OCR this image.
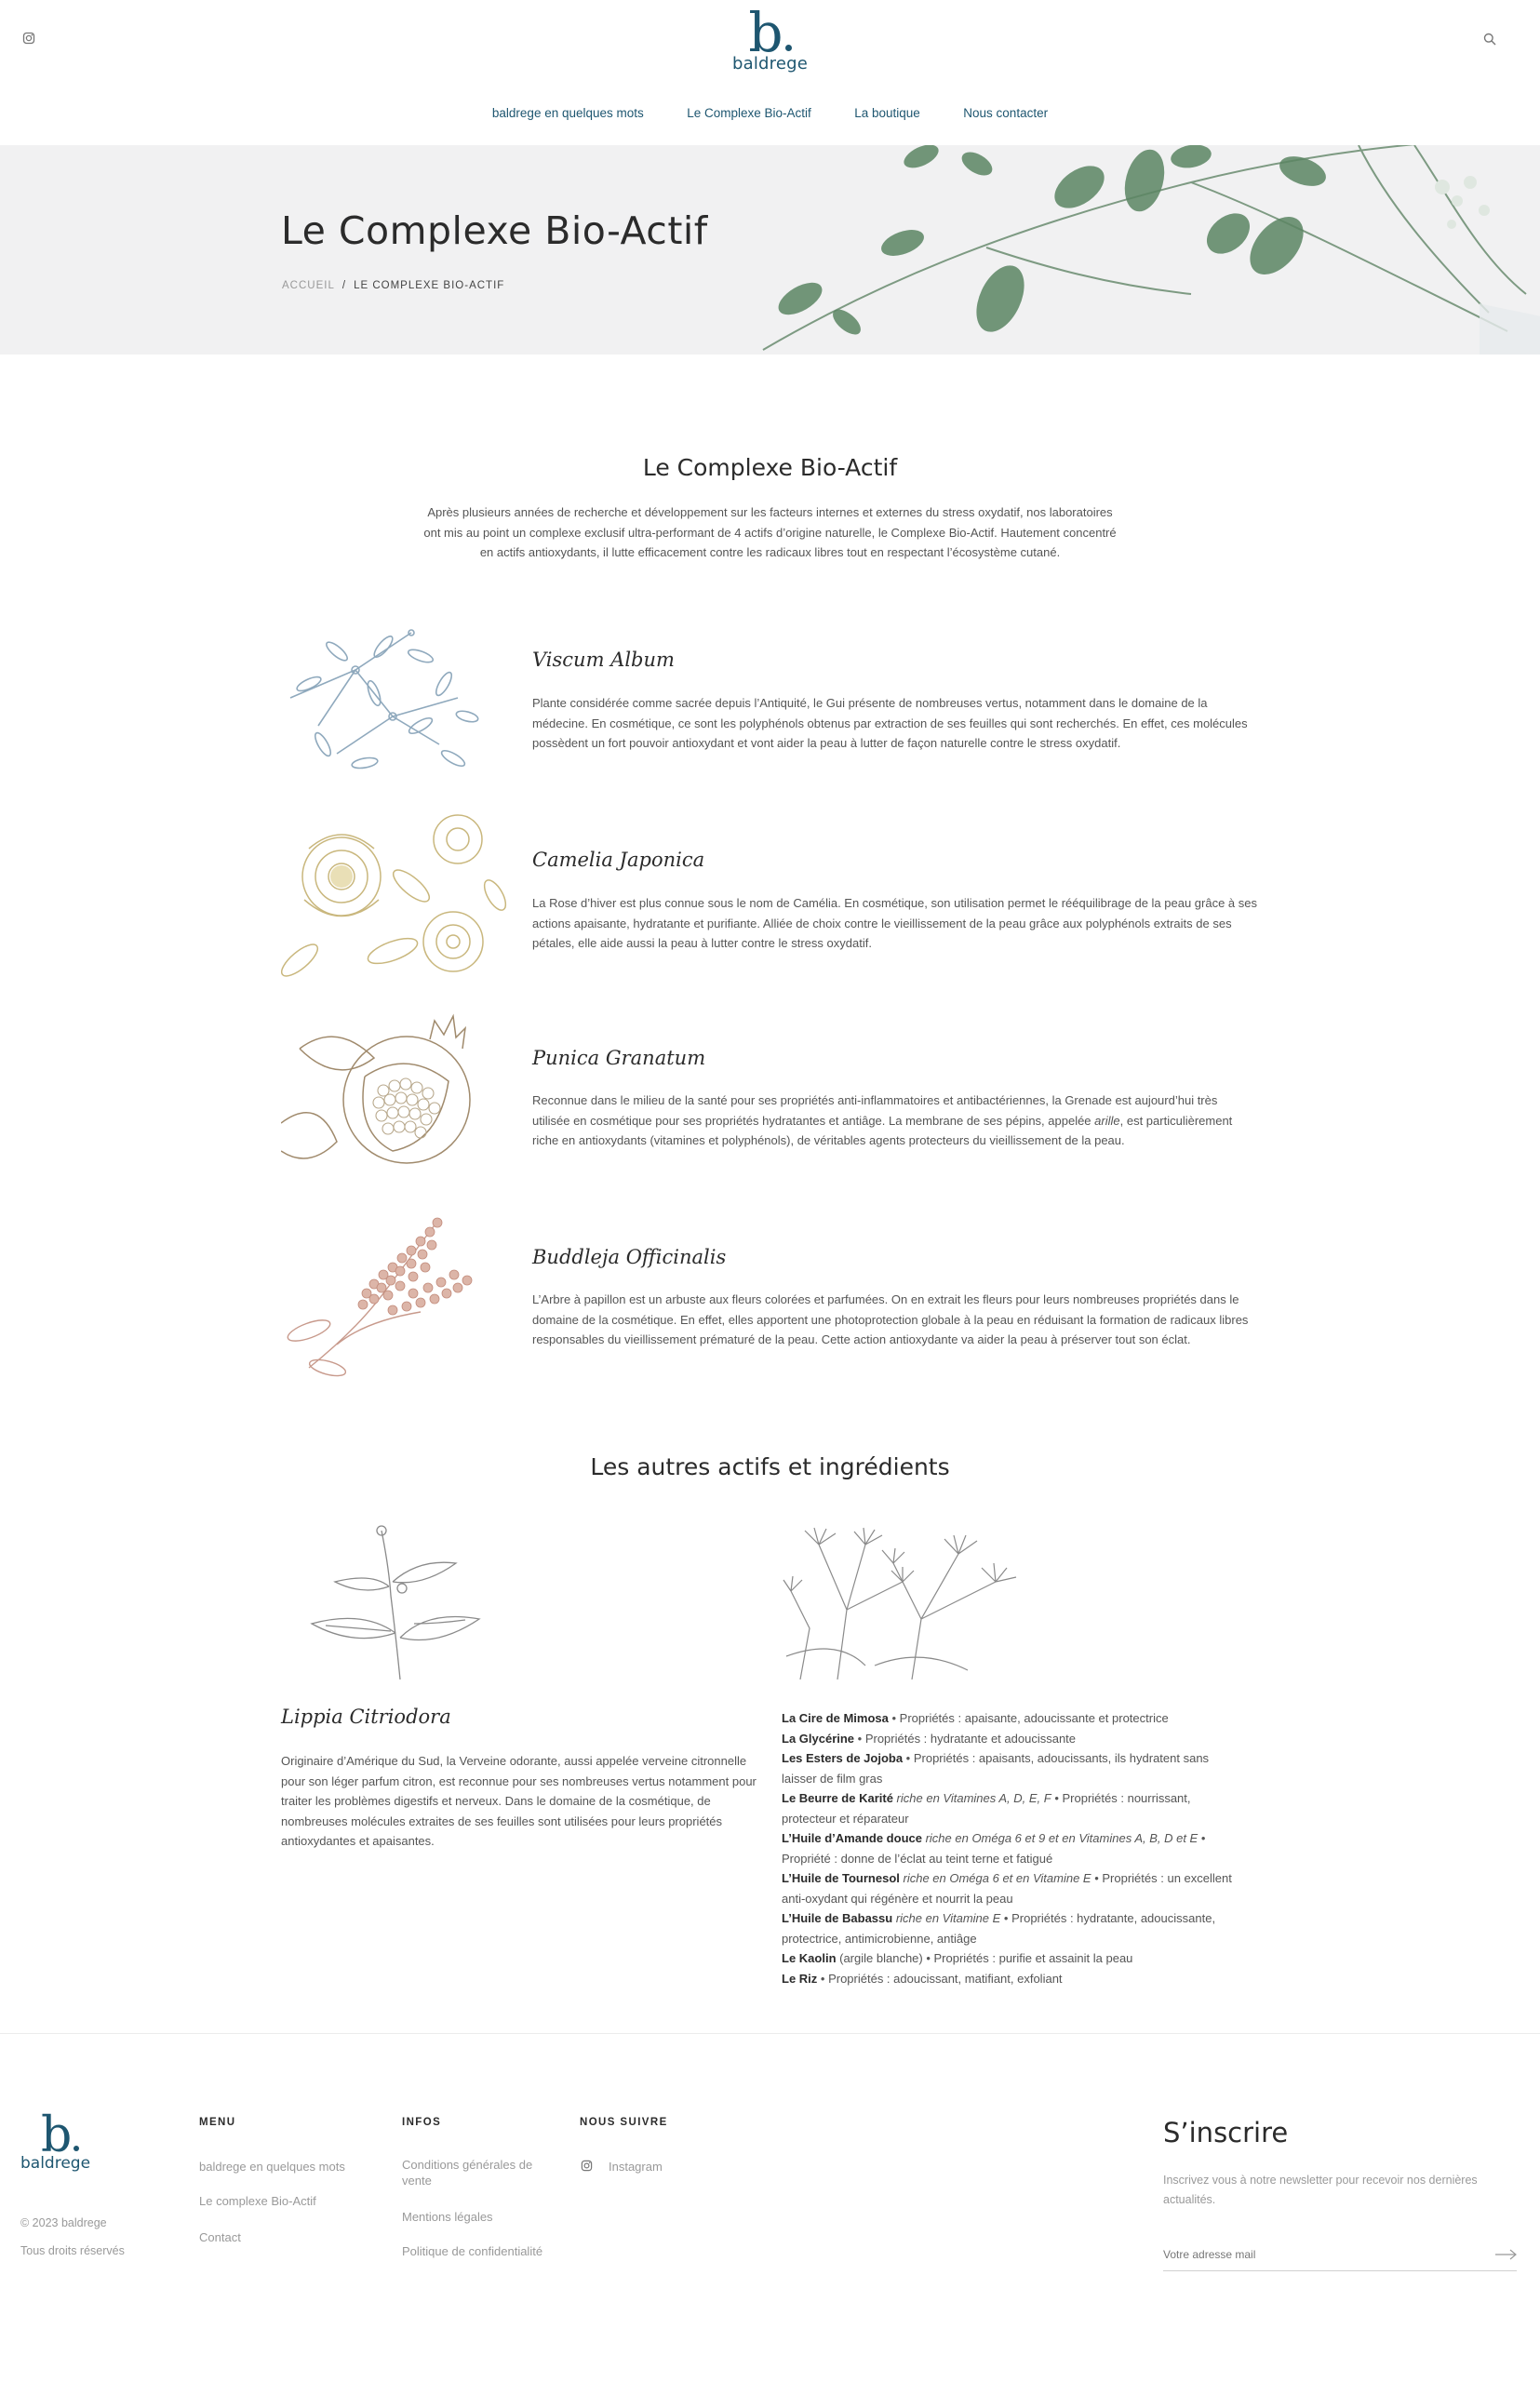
b
baldrege
baldrege en quelques mots	Le Complexe Bio-Actif	La boutique	Nous contacter
Le Complexe Bio-Actif
ACCUEIL / LE COMPLEXE BIO-ACTIF
Le Complexe Bio-Actif

Après plusieurs années de recherche et développement sur les facteurs internes et externes du stress oxydatif, nos laboratoires ont mis au point un complexe exclusif ultra-performant de 4 actifs d’origine naturelle, le Complexe Bio-Actif. Hautement concentré en actifs antioxydants, il lutte efficacement contre les radicaux libres tout en respectant l’écosystème cutané.

Viscum Album

Plante considérée comme sacrée depuis l’Antiquité, le Gui présente de nombreuses vertus, notamment dans le domaine de la médecine. En cosmétique, ce sont les polyphénols obtenus par extraction de ses feuilles qui sont recherchés. En effet, ces molécules possèdent un fort pouvoir antioxydant et vont aider la peau à lutter de façon naturelle contre le stress oxydatif.

Camelia Japonica

La Rose d’hiver est plus connue sous le nom de Camélia. En cosmétique, son utilisation permet le rééquilibrage de la peau grâce à ses actions apaisante, hydratante et purifiante. Alliée de choix contre le vieillissement de la peau grâce aux polyphénols extraits de ses pétales, elle aide aussi la peau à lutter contre le stress oxydatif.

Punica Granatum

Reconnue dans le milieu de la santé pour ses propriétés anti-inflammatoires et antibactériennes, la Grenade est aujourd’hui très utilisée en cosmétique pour ses propriétés hydratantes et antiâge. La membrane de ses pépins, appelée arille, est particulièrement riche en antioxydants (vitamines et polyphénols), de véritables agents protecteurs du vieillissement de la peau.

Buddleja Officinalis

L’Arbre à papillon est un arbuste aux fleurs colorées et parfumées. On en extrait les fleurs pour leurs nombreuses propriétés dans le domaine de la cosmétique. En effet, elles apportent une photoprotection globale à la peau en réduisant la formation de radicaux libres responsables du vieillissement prématuré de la peau. Cette action antioxydante va aider la peau à préserver tout son éclat.

Les autres actifs et ingrédients
Lippia Citriodora

Originaire d’Amérique du Sud, la Verveine odorante, aussi appelée verveine citronnelle pour son léger parfum citron, est reconnue pour ses nombreuses vertus notamment pour traiter les problèmes digestifs et nerveux. Dans le domaine de la cosmétique, de nombreuses molécules extraites de ses feuilles sont utilisées pour leurs propriétés antioxydantes et apaisantes.

La Cire de Mimosa • Propriétés : apaisante, adoucissante et protectrice
La Glycérine • Propriétés : hydratante et adoucissante
Les Esters de Jojoba • Propriétés : apaisants, adoucissants, ils hydratent sans laisser de film gras
Le Beurre de Karité riche en Vitamines A, D, E, F • Propriétés : nourrissant, protecteur et réparateur
L’Huile d’Amande douce riche en Oméga 6 et 9 et en Vitamines A, B, D et E • Propriété : donne de l’éclat au teint terne et fatigué
L’Huile de Tournesol riche en Oméga 6 et en Vitamine E • Propriétés : un excellent anti-oxydant qui régénère et nourrit la peau
L’Huile de Babassu riche en Vitamine E • Propriétés : hydratante, adoucissante, protectrice, antimicrobienne, antiâge
Le Kaolin (argile blanche) • Propriétés : purifie et assainit la peau
Le Riz • Propriétés : adoucissant, matifiant, exfoliant
b
baldrege
© 2023 baldrege
Tous droits réservés
MENU
baldrege en quelques mots
Le complexe Bio-Actif
Contact
INFOS
Conditions générales de vente
Mentions légales
Politique de confidentialité
NOUS SUIVRE
Instagram
S’inscrire

Inscrivez vous à notre newsletter pour recevoir nos dernières actualités.

Votre adresse mail
